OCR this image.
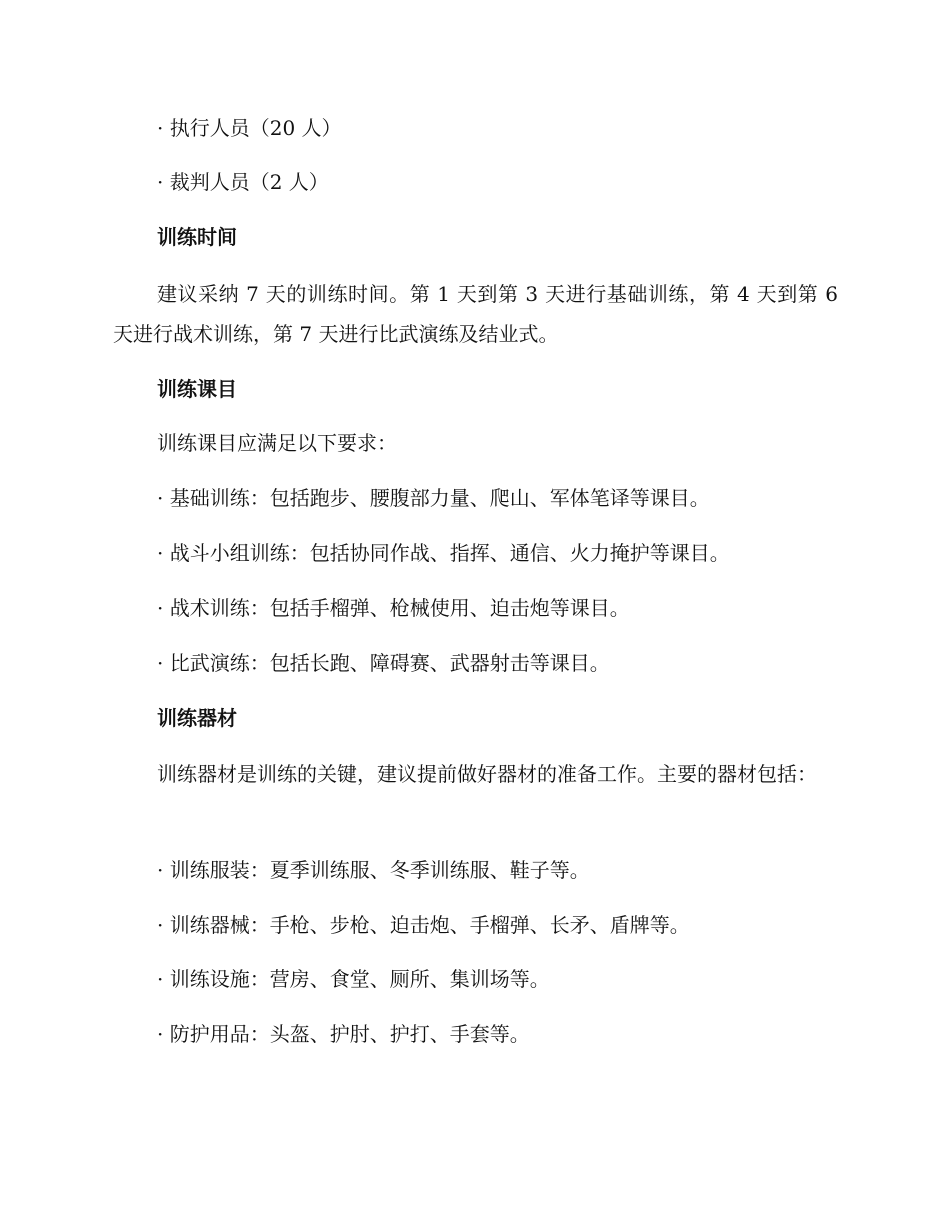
· 执行人员（20 人）
· 裁判人员（2 人）
训练时间
建议采纳 7 天的训练时间。第 1 天到第 3 天进行基础训练，第 4 天到第 6 天进行战术训练，第 7 天进行比武演练及结业式。
训练课目
训练课目应满足以下要求：
· 基础训练：包括跑步、腰腹部力量、爬山、军体笔译等课目。
· 战斗小组训练：包括协同作战、指挥、通信、火力掩护等课目。
· 战术训练：包括手榴弹、枪械使用、迫击炮等课目。
· 比武演练：包括长跑、障碍赛、武器射击等课目。
训练器材
训练器材是训练的关键，建议提前做好器材的准备工作。主要的器材包括：
· 训练服装：夏季训练服、冬季训练服、鞋子等。
· 训练器械：手枪、步枪、迫击炮、手榴弹、长矛、盾牌等。
· 训练设施：营房、食堂、厕所、集训场等。
· 防护用品：头盔、护肘、护打、手套等。
